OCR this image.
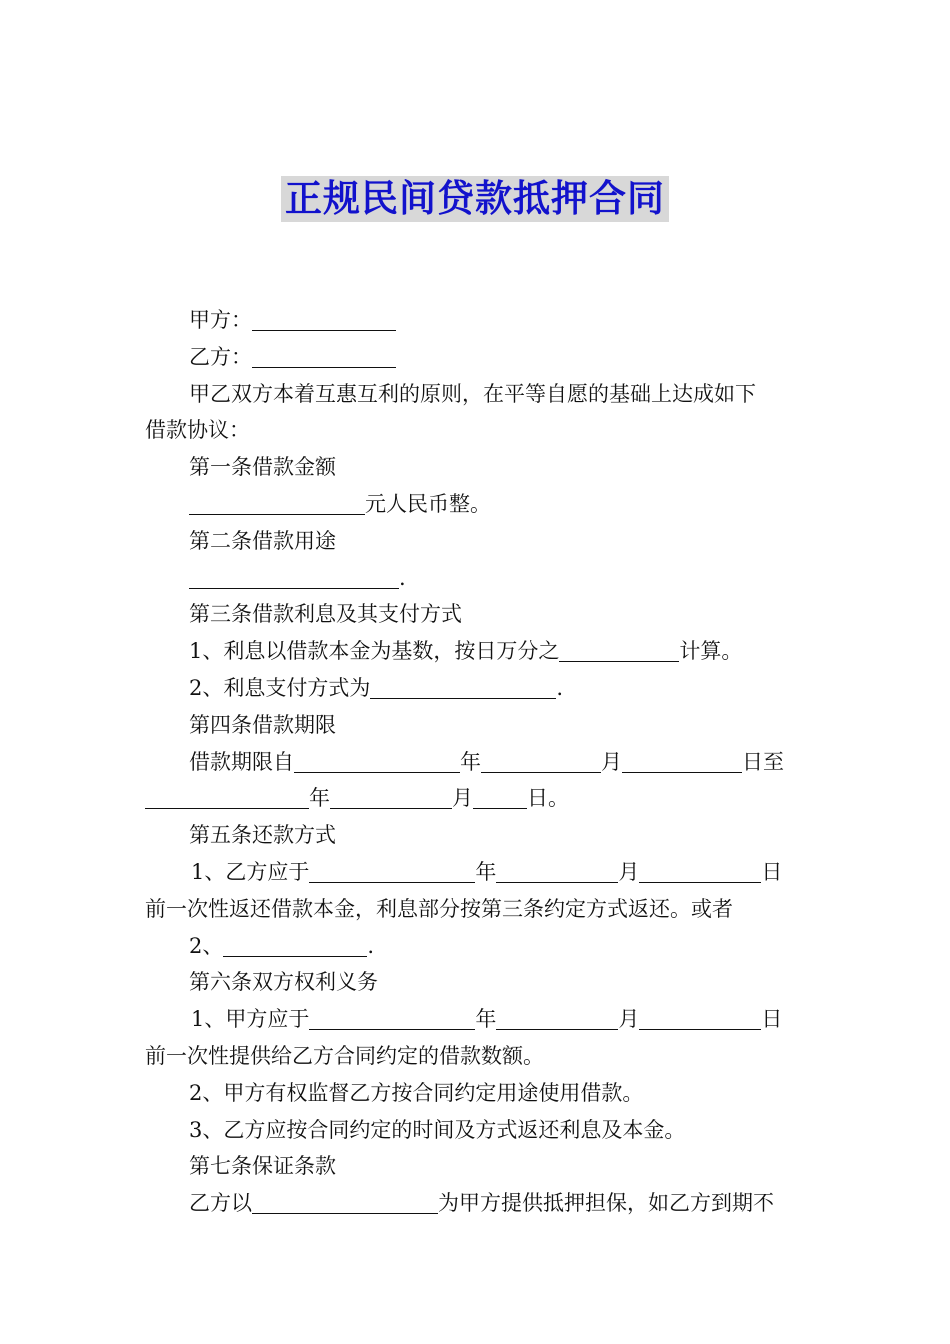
正规民间贷款抵押合同

甲方：

乙方：

甲乙双方本着互惠互利的原则，在平等自愿的基础上达成如下

借款协议：

第一条借款金额

元人民币整。

第二条借款用途

.

第三条借款利息及其支付方式

1、利息以借款本金为基数，按日万分之	计算。

2、利息支付方式为	.

第四条借款期限

借款期限自	年	月	日至

年	月	日。

第五条还款方式

1、乙方应于	年	月	日

前一次性返还借款本金，利息部分按第三条约定方式返还。或者

2、	.

第六条双方权利义务

1、甲方应于	年	月	日

前一次性提供给乙方合同约定的借款数额。

2、甲方有权监督乙方按合同约定用途使用借款。

3、乙方应按合同约定的时间及方式返还利息及本金。

第七条保证条款

乙方以	为甲方提供抵押担保，如乙方到期不
